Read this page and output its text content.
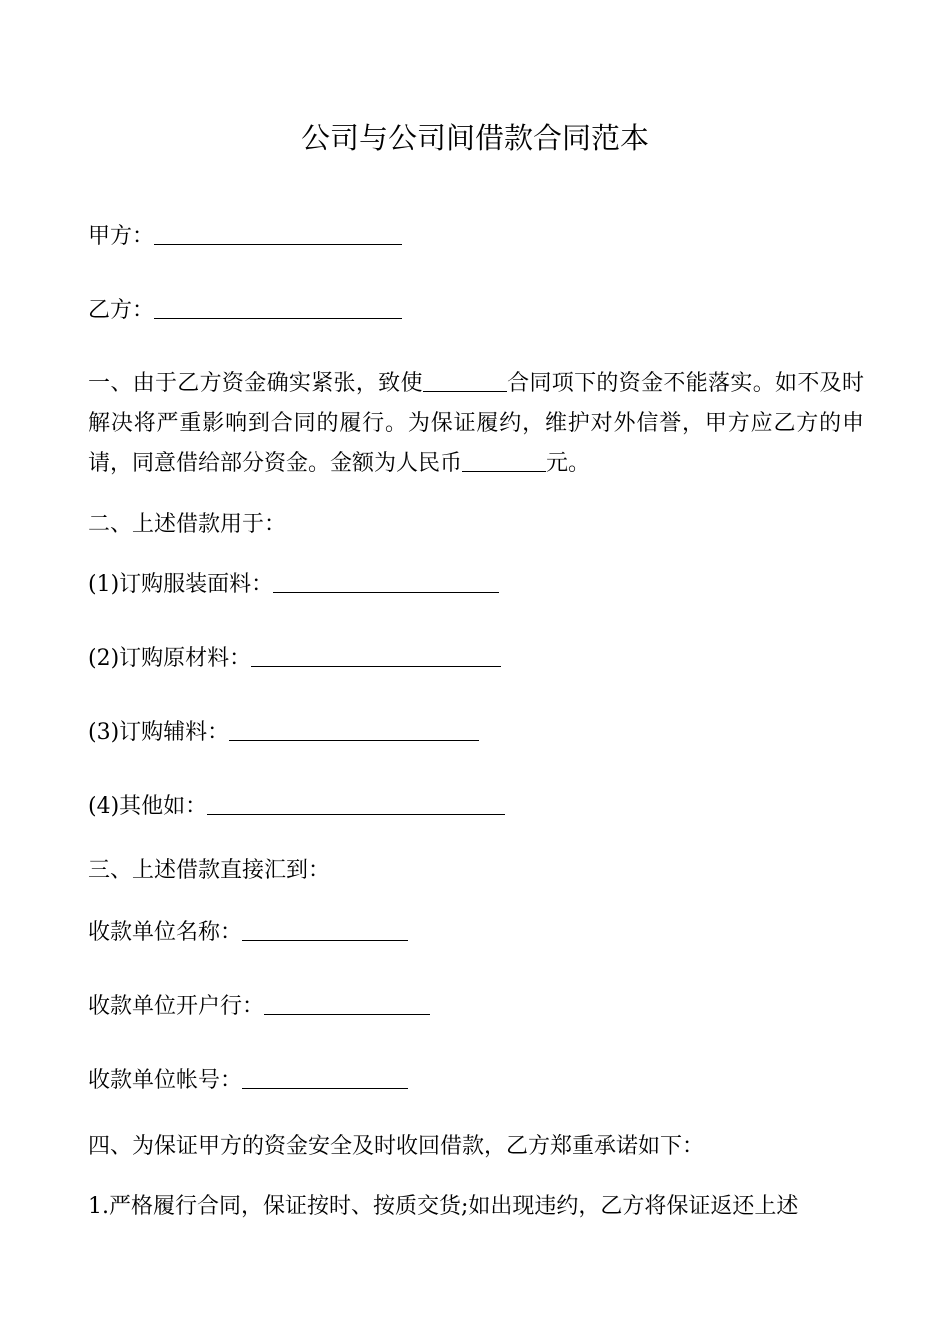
公司与公司间借款合同范本
甲方：
乙方：
一、由于乙方资金确实紧张，致使	合同项下的资金不能落实。如不及时解决将严重影响到合同的履行。为保证履约，维护对外信誉，甲方应乙方的申请，同意借给部分资金。金额为人民币	元。
二、上述借款用于：
(1)订购服装面料：
(2)订购原材料：
(3)订购辅料：
(4)其他如：
三、上述借款直接汇到：
收款单位名称：
收款单位开户行：
收款单位帐号：
四、为保证甲方的资金安全及时收回借款，乙方郑重承诺如下：
1.严格履行合同，保证按时、按质交货;如出现违约，乙方将保证返还上述
